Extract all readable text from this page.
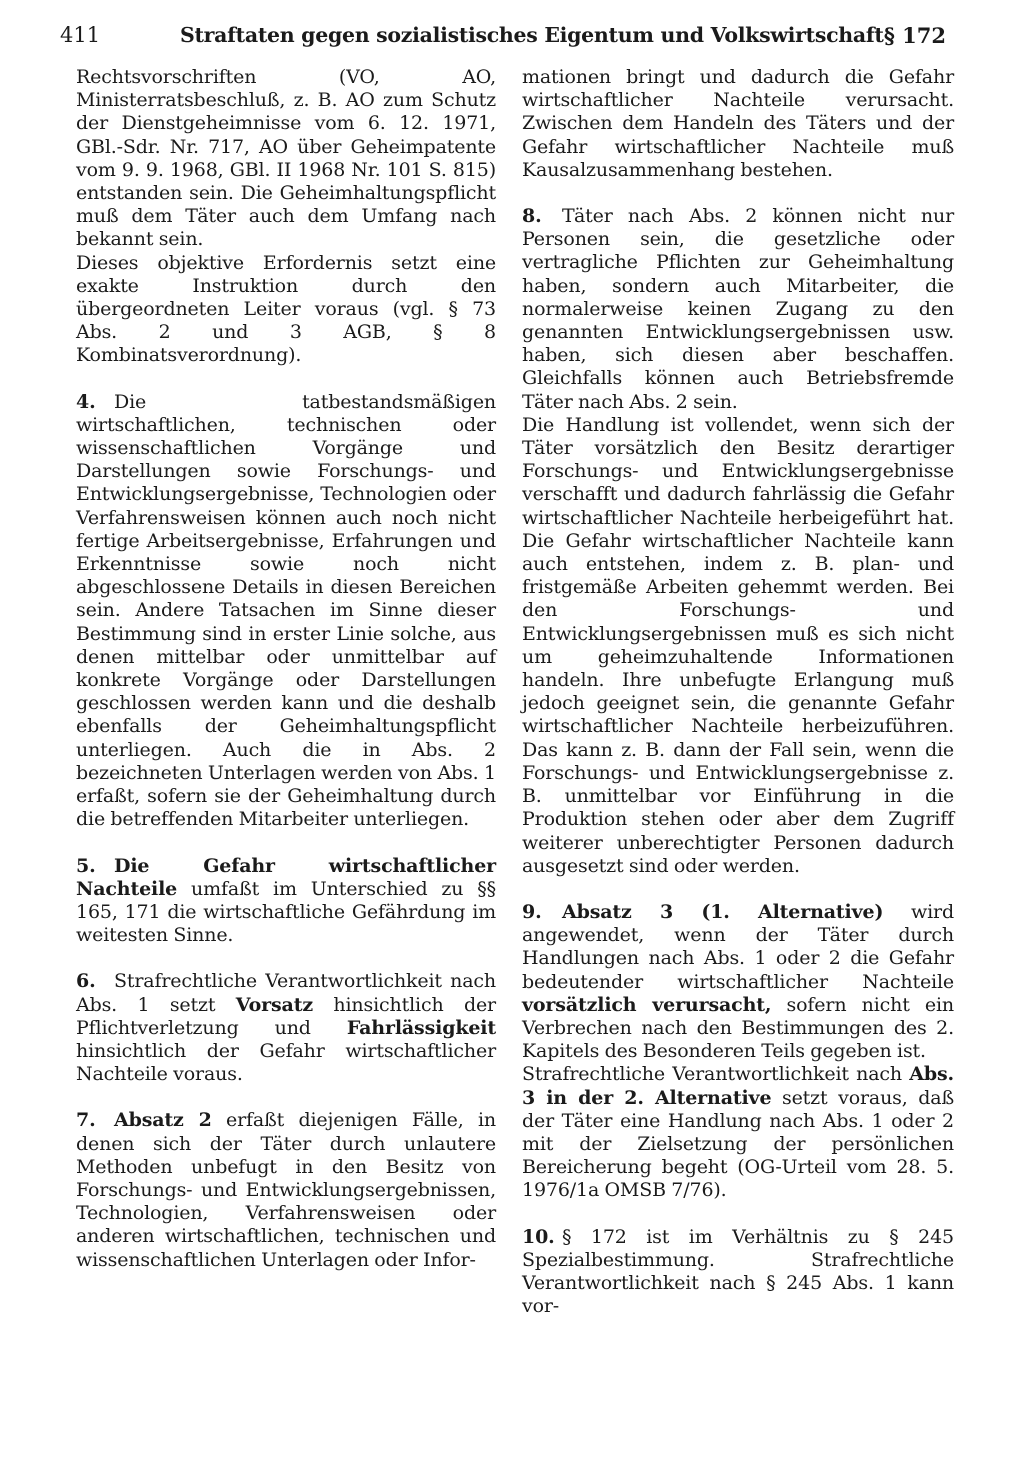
411	Straftaten gegen sozialistisches Eigentum und Volkswirtschaft § 172

Rechtsvorschriften (VO, AO, Ministerratsbeschluß, z. B. AO zum Schutz der Dienstgeheimnisse vom 6. 12. 1971, GBl.-Sdr. Nr. 717, AO über Geheimpatente vom 9. 9. 1968, GBl. II 1968 Nr. 101 S. 815) entstanden sein. Die Geheimhaltungspflicht muß dem Täter auch dem Umfang nach bekannt sein.

Dieses objektive Erfordernis setzt eine exakte Instruktion durch den übergeordneten Leiter voraus (vgl. § 73 Abs. 2 und 3 AGB, § 8 Kombinatsverordnung).

4. Die tatbestandsmäßigen wirtschaftlichen, technischen oder wissenschaftlichen Vorgänge und Darstellungen sowie Forschungs- und Entwicklungsergebnisse, Technologien oder Verfahrensweisen können auch noch nicht fertige Arbeitsergebnisse, Erfahrungen und Erkenntnisse sowie noch nicht abgeschlossene Details in diesen Bereichen sein. Andere Tatsachen im Sinne dieser Bestimmung sind in erster Linie solche, aus denen mittelbar oder unmittelbar auf konkrete Vorgänge oder Darstellungen geschlossen werden kann und die deshalb ebenfalls der Geheimhaltungspflicht unterliegen. Auch die in Abs. 2 bezeichneten Unterlagen werden von Abs. 1 erfaßt, sofern sie der Geheimhaltung durch die betreffenden Mitarbeiter unterliegen.

5. Die Gefahr wirtschaftlicher Nachteile umfaßt im Unterschied zu §§ 165, 171 die wirtschaftliche Gefährdung im weitesten Sinne.

6. Strafrechtliche Verantwortlichkeit nach Abs. 1 setzt Vorsatz hinsichtlich der Pflichtverletzung und Fahrlässigkeit hinsichtlich der Gefahr wirtschaftlicher Nachteile voraus.

7. Absatz 2 erfaßt diejenigen Fälle, in denen sich der Täter durch unlautere Methoden unbefugt in den Besitz von Forschungs- und Entwicklungsergebnissen, Technologien, Verfahrensweisen oder anderen wirtschaftlichen, technischen und wissenschaftlichen Unterlagen oder Infor-

mationen bringt und dadurch die Gefahr wirtschaftlicher Nachteile verursacht. Zwischen dem Handeln des Täters und der Gefahr wirtschaftlicher Nachteile muß Kausalzusammenhang bestehen.

8. Täter nach Abs. 2 können nicht nur Personen sein, die gesetzliche oder vertragliche Pflichten zur Geheimhaltung haben, sondern auch Mitarbeiter, die normalerweise keinen Zugang zu den genannten Entwicklungsergebnissen usw. haben, sich diesen aber beschaffen. Gleichfalls können auch Betriebsfremde Täter nach Abs. 2 sein.

Die Handlung ist vollendet, wenn sich der Täter vorsätzlich den Besitz derartiger Forschungs- und Entwicklungsergebnisse verschafft und dadurch fahrlässig die Gefahr wirtschaftlicher Nachteile herbeigeführt hat. Die Gefahr wirtschaftlicher Nachteile kann auch entstehen, indem z. B. plan- und fristgemäße Arbeiten gehemmt werden. Bei den Forschungs- und Entwicklungsergebnissen muß es sich nicht um geheimzuhaltende Informationen handeln. Ihre unbefugte Erlangung muß jedoch geeignet sein, die genannte Gefahr wirtschaftlicher Nachteile herbeizuführen. Das kann z. B. dann der Fall sein, wenn die Forschungs- und Entwicklungsergebnisse z. B. unmittelbar vor Einführung in die Produktion stehen oder aber dem Zugriff weiterer unberechtigter Personen dadurch ausgesetzt sind oder werden.

9. Absatz 3 (1. Alternative) wird angewendet, wenn der Täter durch Handlungen nach Abs. 1 oder 2 die Gefahr bedeutender wirtschaftlicher Nachteile vorsätzlich verursacht, sofern nicht ein Verbrechen nach den Bestimmungen des 2. Kapitels des Besonderen Teils gegeben ist.

Strafrechtliche Verantwortlichkeit nach Abs. 3 in der 2. Alternative setzt voraus, daß der Täter eine Handlung nach Abs. 1 oder 2 mit der Zielsetzung der persönlichen Bereicherung begeht (OG-Urteil vom 28. 5. 1976/1a OMSB 7/76).

10. § 172 ist im Verhältnis zu § 245 Spezialbestimmung. Strafrechtliche Verantwortlichkeit nach § 245 Abs. 1 kann vor-
